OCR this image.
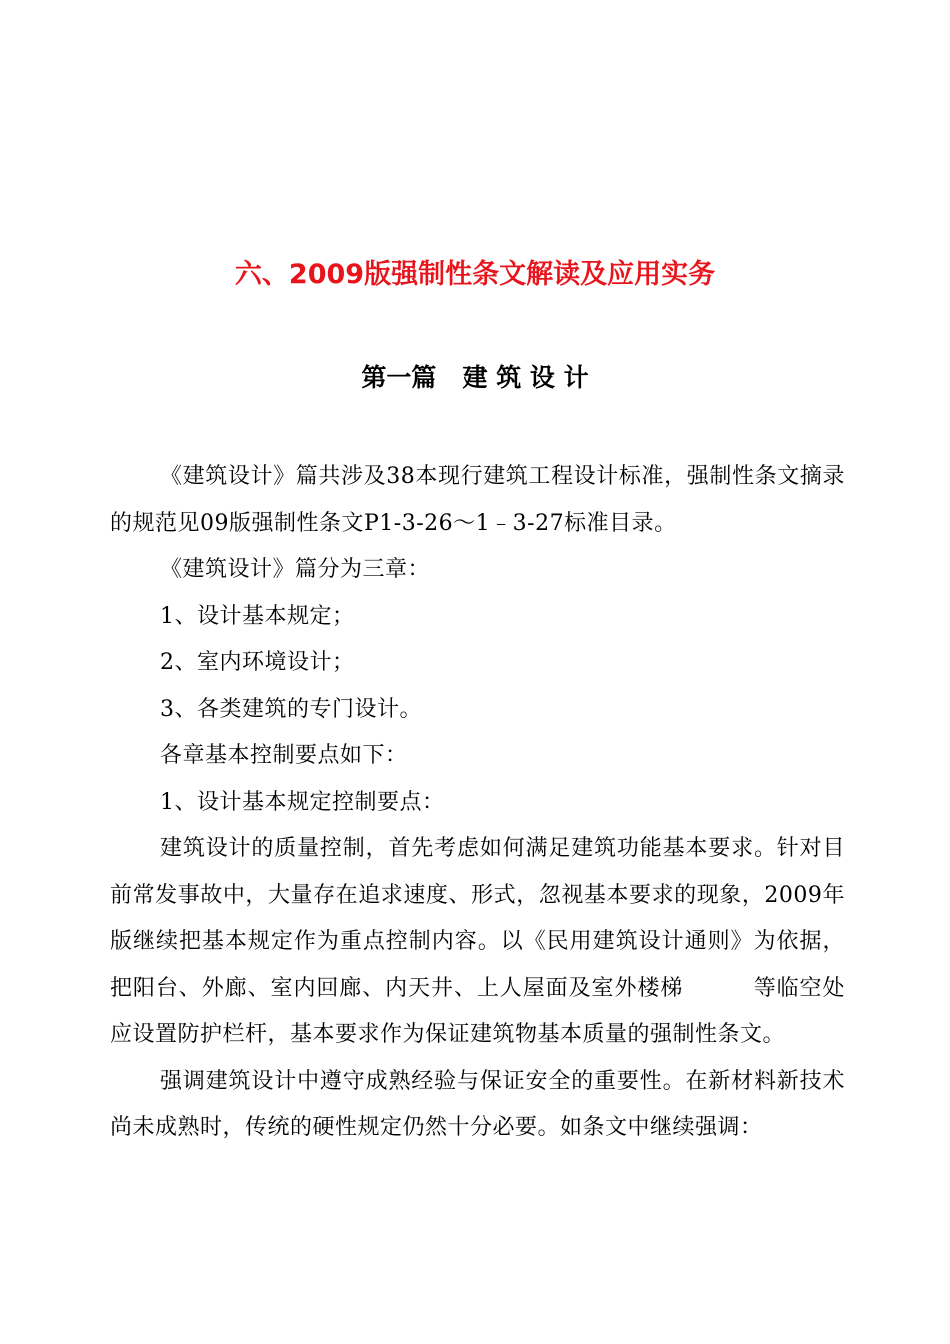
六、2009版强制性条文解读及应用实务
第一篇   建 筑 设 计

《建筑设计》篇共涉及38本现行建筑工程设计标准，强制性条文摘录的规范见09版强制性条文P1-3-26～1﹣3-27标准目录。

《建筑设计》篇分为三章：

1、设计基本规定；

2、室内环境设计；

3、各类建筑的专门设计。

各章基本控制要点如下：

1、设计基本规定控制要点：

建筑设计的质量控制，首先考虑如何满足建筑功能基本要求。针对目前常发事故中，大量存在追求速度、形式，忽视基本要求的现象，2009年版继续把基本规定作为重点控制内容。以《民用建筑设计通则》为依据，把阳台、外廊、室内回廊、内天井、上人屋面及室外楼梯	等临空处应设置防护栏杆，基本要求作为保证建筑物基本质量的强制性条文。

强调建筑设计中遵守成熟经验与保证安全的重要性。在新材料新技术尚未成熟时，传统的硬性规定仍然十分必要。如条文中继续强调：
